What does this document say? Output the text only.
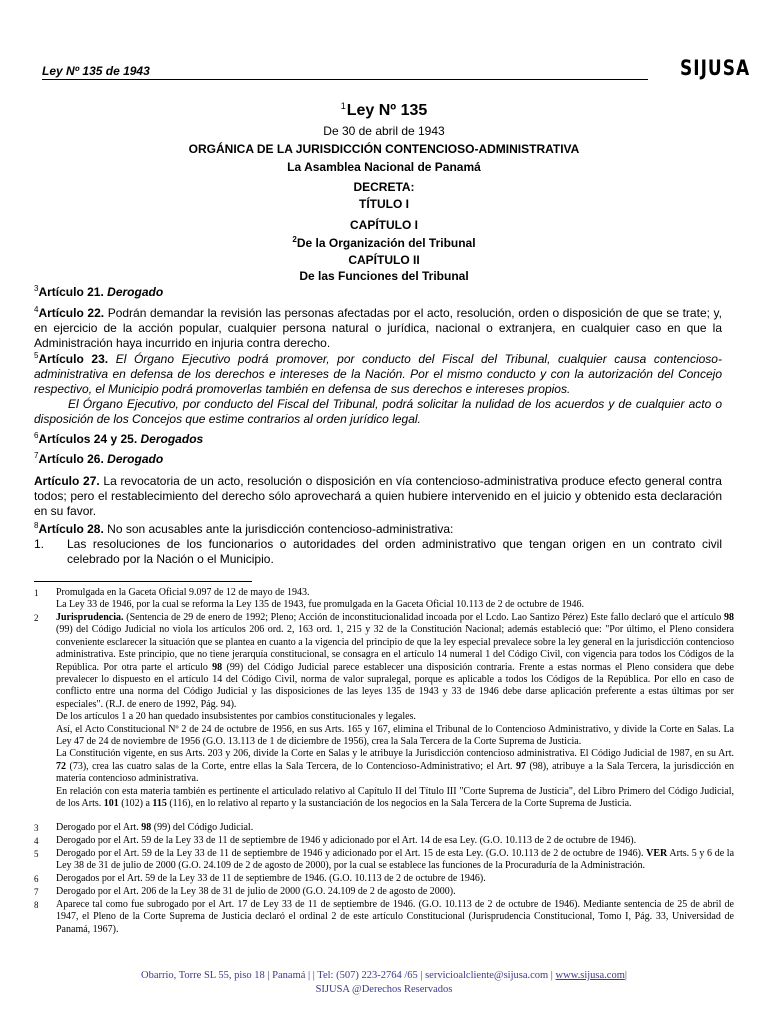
Ley Nº 135 de 1943	SIJUSA
$^1$Ley Nº 135
De 30 de abril de 1943
ORGÁNICA DE LA JURISDICCIÓN CONTENCIOSO-ADMINISTRATIVA
La Asamblea Nacional de Panamá
DECRETA:
TÍTULO I
CAPÍTULO I
$^2$De la Organización del Tribunal
CAPÍTULO II
De las Funciones del Tribunal
$^3$Artículo 21. Derogado
$^4$Artículo 22. Podrán demandar la revisión las personas afectadas por el acto, resolución, orden o disposición de que se trate; y, en ejercicio de la acción popular, cualquier persona natural o jurídica, nacional o extranjera, en cualquier caso en que la Administración haya incurrido en injuria contra derecho.
$^5$Artículo 23. El Órgano Ejecutivo podrá promover, por conducto del Fiscal del Tribunal, cualquier causa contencioso-administrativa en defensa de los derechos e intereses de la Nación. Por el mismo conducto y con la autorización del Concejo respectivo, el Municipio podrá promoverlas también en defensa de sus derechos e intereses propios.
El Órgano Ejecutivo, por conducto del Fiscal del Tribunal, podrá solicitar la nulidad de los acuerdos y de cualquier acto o disposición de los Concejos que estime contrarios al orden jurídico legal.
$^6$Artículos 24 y 25. Derogados
$^7$Artículo 26. Derogado
Artículo 27. La revocatoria de un acto, resolución o disposición en vía contencioso-administrativa produce efecto general contra todos; pero el restablecimiento del derecho sólo aprovechará a quien hubiere intervenido en el juicio y obtenido esta declaración en su favor.
$^8$Artículo 28. No son acusables ante la jurisdicción contencioso-administrativa:
1. Las resoluciones de los funcionarios o autoridades del orden administrativo que tengan origen en un contrato civil celebrado por la Nación o el Municipio.
1 Promulgada en la Gaceta Oficial 9.097 de 12 de mayo de 1943.
La Ley 33 de 1946, por la cual se reforma la Ley 135 de 1943, fue promulgada en la Gaceta Oficial 10.113 de 2 de octubre de 1946.
2 Jurisprudencia. (Sentencia de 29 de enero de 1992; Pleno; Acción de inconstitucionalidad incoada por el Lcdo. Lao Santizo Pérez) Este fallo declaró que el artículo 98 (99) del Código Judicial no viola los artículos 206 ord. 2, 163 ord. 1, 215 y 32 de la Constitución Nacional; además estableció que: "Por último, el Pleno considera conveniente esclarecer la situación que se plantea en cuanto a la vigencia del principio de que la ley especial prevalece sobre la ley general en la jurisdicción contencioso administrativa. Este principio, que no tiene jerarquía constitucional, se consagra en el artículo 14 numeral 1 del Código Civil, con vigencia para todos los Códigos de la República. Por otra parte el artículo 98 (99) del Código Judicial parece establecer una disposición contraria. Frente a estas normas el Pleno considera que debe prevalecer lo dispuesto en el artículo 14 del Código Civil, norma de valor supralegal, porque es aplicable a todos los Códigos de la República. Por ello en caso de conflicto entre una norma del Código Judicial y las disposiciones de las leyes 135 de 1943 y 33 de 1946 debe darse aplicación preferente a estas últimas por ser especiales". (R.J. de enero de 1992, Pág. 94).
De los artículos 1 a 20 han quedado insubsistentes por cambios constitucionales y legales.
Así, el Acto Constitucional Nº 2 de 24 de octubre de 1956, en sus Arts. 165 y 167, elimina el Tribunal de lo Contencioso Administrativo, y divide la Corte en Salas. La Ley 47 de 24 de noviembre de 1956 (G.O. 13.113 de 1 de diciembre de 1956), crea la Sala Tercera de la Corte Suprema de Justicia.
La Constitución vigente, en sus Arts. 203 y 206, divide la Corte en Salas y le atribuye la Jurisdicción contencioso administrativa. El Código Judicial de 1987, en su Art. 72 (73), crea las cuatro salas de la Corte, entre ellas la Sala Tercera, de lo Contencioso-Administrativo; el Art. 97 (98), atribuye a la Sala Tercera, la jurisdicción en materia contencioso administrativa.
En relación con esta materia también es pertinente el articulado relativo al Capítulo II del Título III "Corte Suprema de Justicia", del Libro Primero del Código Judicial, de los Arts. 101 (102) a 115 (116), en lo relativo al reparto y la sustanciación de los negocios en la Sala Tercera de la Corte Suprema de Justicia.
3 Derogado por el Art. 98 (99) del Código Judicial.
4 Derogado por el Art. 59 de la Ley 33 de 11 de septiembre de 1946 y adicionado por el Art. 14 de esa Ley. (G.O. 10.113 de 2 de octubre de 1946).
5 Derogado por el Art. 59 de la Ley 33 de 11 de septiembre de 1946 y adicionado por el Art. 15 de esta Ley. (G.O. 10.113 de 2 de octubre de 1946). VER Arts. 5 y 6 de la Ley 38 de 31 de julio de 2000 (G.O. 24.109 de 2 de agosto de 2000), por la cual se establece las funciones de la Procuraduría de la Administración.
6 Derogados por el Art. 59 de la Ley 33 de 11 de septiembre de 1946. (G.O. 10.113 de 2 de octubre de 1946).
7 Derogado por el Art. 206 de la Ley 38 de 31 de julio de 2000 (G.O. 24.109 de 2 de agosto de 2000).
8 Aparece tal como fue subrogado por el Art. 17 de Ley 33 de 11 de septiembre de 1946. (G.O. 10.113 de 2 de octubre de 1946). Mediante sentencia de 25 de abril de 1947, el Pleno de la Corte Suprema de Justicia declaró el ordinal 2 de este artículo Constitucional (Jurisprudencia Constitucional, Tomo I, Pág. 33, Universidad de Panamá, 1967).
Obarrio, Torre SL 55, piso 18 | Panamá | | Tel: (507) 223-2764 /65 | servicioalcliente@sijusa.com | www.sijusa.com|
SIJUSA @Derechos Reservados
